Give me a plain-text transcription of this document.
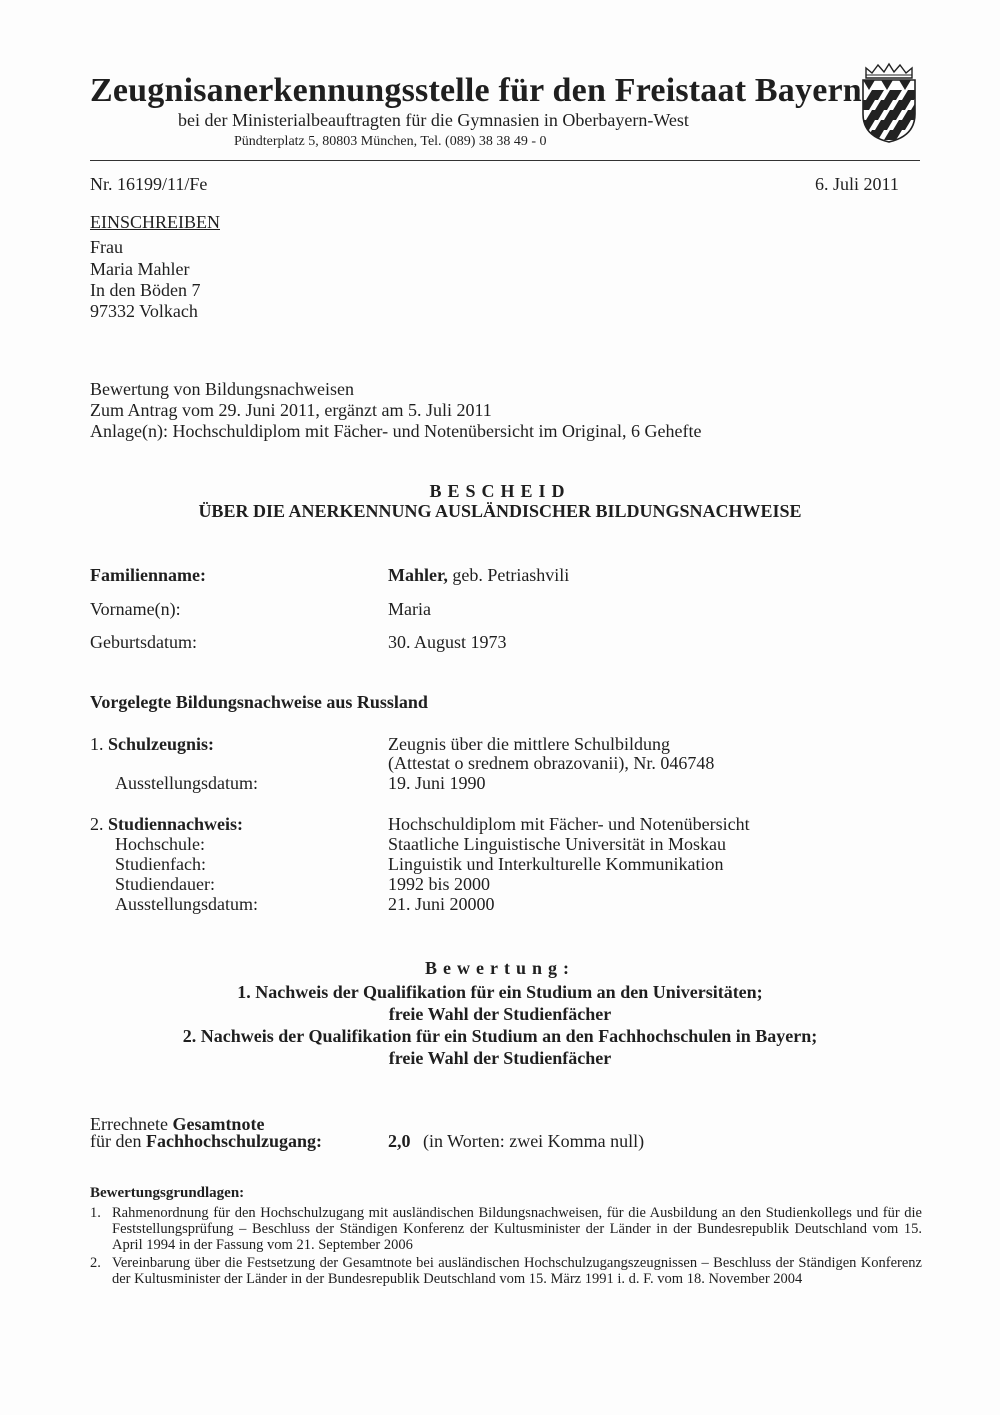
Zeugnisanerkennungsstelle für den Freistaat Bayern
bei der Ministerialbeauftragten für die Gymnasien in Oberbayern-West
Pündterplatz 5, 80803 München, Tel. (089) 38 38 49 - 0
Nr. 16199/11/Fe	6. Juli 2011
EINSCHREIBEN
Frau
Maria Mahler
In den Böden 7
97332 Volkach
Bewertung von Bildungsnachweisen
Zum Antrag vom 29. Juni 2011, ergänzt am 5. Juli 2011
Anlage(n): Hochschuldiplom mit Fächer- und Notenübersicht im Original, 6 Gehefte
BESCHEID
ÜBER DIE ANERKENNUNG AUSLÄNDISCHER BILDUNGSNACHWEISE
Familienname:	Mahler, geb. Petriashvili
Vorname(n):	Maria
Geburtsdatum:	30. August 1973
Vorgelegte Bildungsnachweise aus Russland
1. Schulzeugnis:	Zeugnis über die mittlere Schulbildung
(Attestat o srednem obrazovanii), Nr. 046748
Ausstellungsdatum:	19. Juni 1990
2. Studiennachweis:	Hochschuldiplom mit Fächer- und Notenübersicht
Hochschule:	Staatliche Linguistische Universität in Moskau
Studienfach:	Linguistik und Interkulturelle Kommunikation
Studiendauer:	1992 bis 2000
Ausstellungsdatum:	21. Juni 20000
Bewertung:
1. Nachweis der Qualifikation für ein Studium an den Universitäten;
freie Wahl der Studienfächer
2. Nachweis der Qualifikation für ein Studium an den Fachhochschulen in Bayern;
freie Wahl der Studienfächer
Errechnete Gesamtnote
für den Fachhochschulzugang:	2,0 (in Worten: zwei Komma null)
Bewertungsgrundlagen:
1. Rahmenordnung für den Hochschulzugang mit ausländischen Bildungsnachweisen, für die Ausbildung an den Studienkollegs und für die Feststellungsprüfung – Beschluss der Ständigen Konferenz der Kultusminister der Länder in der Bundesrepublik Deutschland vom 15. April 1994 in der Fassung vom 21. September 2006
2. Vereinbarung über die Festsetzung der Gesamtnote bei ausländischen Hochschulzugangszeugnissen – Beschluss der Ständigen Konferenz der Kultusminister der Länder in der Bundesrepublik Deutschland vom 15. März 1991 i. d. F. vom 18. November 2004
